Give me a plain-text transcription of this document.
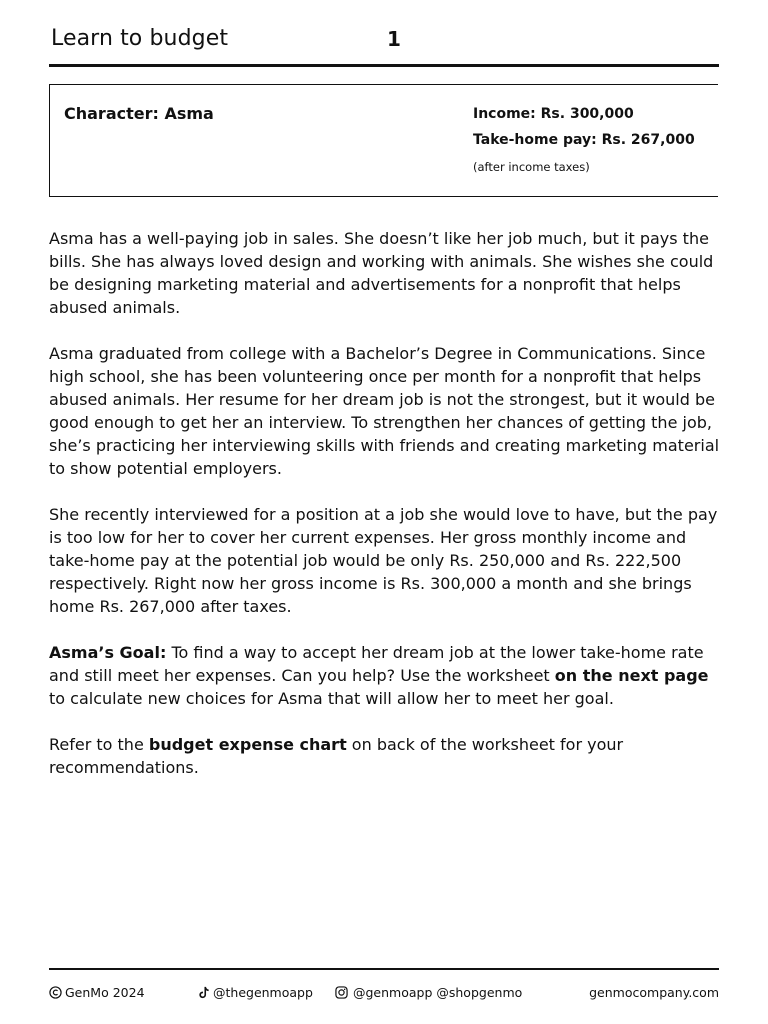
Learn to budget	1
Character: Asma	Income: Rs. 300,000
Take-home pay: Rs. 267,000
(after income taxes)

Asma has a well-paying job in sales. She doesn’t like her job much, but it pays the bills. She has always loved design and working with animals. She wishes she could be designing marketing material and advertisements for a nonprofit that helps abused animals.

Asma graduated from college with a Bachelor’s Degree in Communications. Since high school, she has been volunteering once per month for a nonprofit that helps abused animals. Her resume for her dream job is not the strongest, but it would be good enough to get her an interview. To strengthen her chances of getting the job, she’s practicing her interviewing skills with friends and creating marketing material to show potential employers.

She recently interviewed for a position at a job she would love to have, but the pay is too low for her to cover her current expenses. Her gross monthly income and take-home pay at the potential job would be only Rs. 250,000 and Rs. 222,500 respectively. Right now her gross income is Rs. 300,000 a month and she brings home Rs. 267,000 after taxes.

Asma’s Goal: To find a way to accept her dream job at the lower take-home rate and still meet her expenses. Can you help? Use the worksheet on the next page to calculate new choices for Asma that will allow her to meet her goal.

Refer to the budget expense chart on back of the worksheet for your recommendations.

GenMo 2024	@thegenmoapp	@genmoapp @shopgenmo	genmocompany.com
